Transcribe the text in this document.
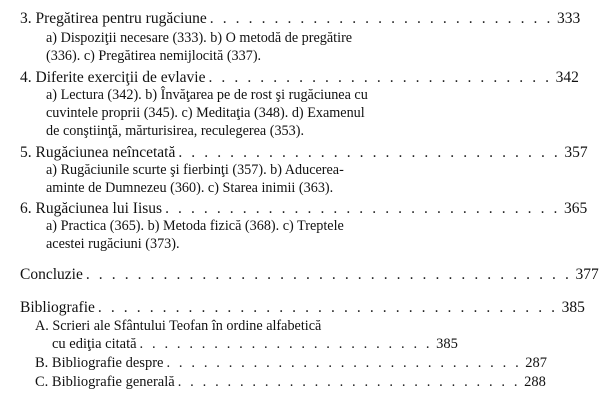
3. Pregătirea pentru rugăciune . . . . . . . . . . . . . . . . . . . . . . . . . . . 333
a) Dispoziţii necesare (333). b) O metodă de pregătire
(336). c) Pregătirea nemijlocită (337).
4. Diferite exerciţii de evlavie . . . . . . . . . . . . . . . . . . . . . . . . . . . 342
a) Lectura (342). b) Învăţarea pe de rost şi rugăciunea cu
cuvintele proprii (345). c) Meditaţia (348). d) Examenul
de conştiinţă, mărturisirea, reculegerea (353).
5. Rugăciunea neîncetată . . . . . . . . . . . . . . . . . . . . . . . . . . . . . . 357
a) Rugăciunile scurte şi fierbinţi (357). b) Aducerea-
aminte de Dumnezeu (360). c) Starea inimii (363).
6. Rugăciunea lui Iisus . . . . . . . . . . . . . . . . . . . . . . . . . . . . . . . 365
a) Practica (365). b) Metoda fizică (368). c) Treptele
acestei rugăciuni (373).
Concluzie . . . . . . . . . . . . . . . . . . . . . . . . . . . . . . . . . . . . . . 377
Bibliografie . . . . . . . . . . . . . . . . . . . . . . . . . . . . . . . . . . . . 385
A. Scrieri ale Sfântului Teofan în ordine alfabetică
cu ediţia citată . . . . . . . . . . . . . . . . . . . . . . . . 385
B. Bibliografie despre . . . . . . . . . . . . . . . . . . . . . . . . . . . . . 287
C. Bibliografie generală . . . . . . . . . . . . . . . . . . . . . . . . . . . . 288
